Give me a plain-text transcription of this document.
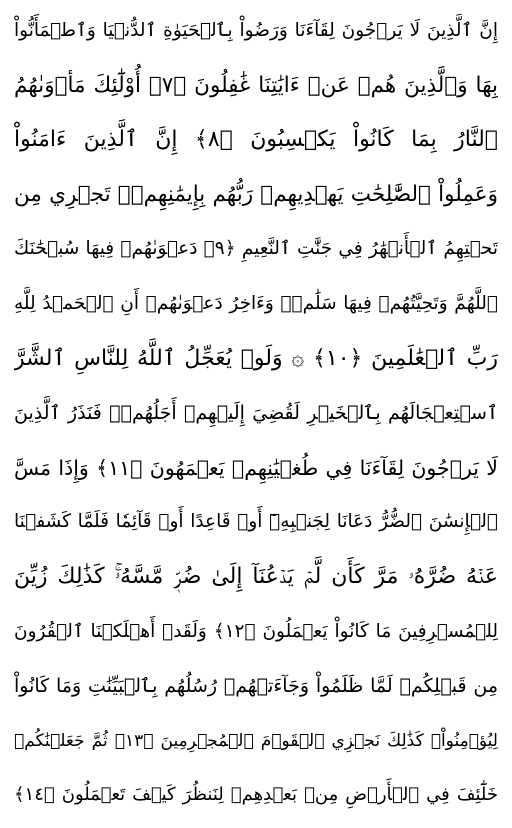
إِنَّ ٱلَّذِينَ لَا يَرۡجُونَ لِقَآءَنَا وَرَضُواْ بِٱلۡحَيَوٰةِ ٱلدُّنۡيَا وَٱطۡمَأَنُّواْ
بِهَا وَٱلَّذِينَ هُمۡ عَنۡ ءَايَٰتِنَا غَٰفِلُونَ ﴿٧﴾ أُوْلَٰٓئِكَ مَأۡوَىٰهُمُ
ٱلنَّارُ بِمَا كَانُواْ يَكۡسِبُونَ ﴿٨﴾ إِنَّ ٱلَّذِينَ ءَامَنُواْ
وَعَمِلُواْ ٱلصَّٰلِحَٰتِ يَهۡدِيهِمۡ رَبُّهُم بِإِيمَٰنِهِمۡۖ تَجۡرِي مِن
تَحۡتِهِمُ ٱلۡأَنۡهَٰرُ فِي جَنَّٰتِ ٱلنَّعِيمِ ﴿٩﴾ دَعۡوَىٰهُمۡ فِيهَا سُبۡحَٰنَكَ
ٱللَّهُمَّ وَتَحِيَّتُهُمۡ فِيهَا سَلَٰمٞۚ وَءَاخِرُ دَعۡوَىٰهُمۡ أَنِ ٱلۡحَمۡدُ لِلَّهِ
رَبِّ ٱلۡعَٰلَمِينَ ﴿١٠﴾ ۞ وَلَوۡ يُعَجِّلُ ٱللَّهُ لِلنَّاسِ ٱلشَّرَّ
ٱسۡتِعۡجَالَهُم بِٱلۡخَيۡرِ لَقُضِيَ إِلَيۡهِمۡ أَجَلُهُمۡۖ فَنَذَرُ ٱلَّذِينَ
لَا يَرۡجُونَ لِقَآءَنَا فِي طُغۡيَٰنِهِمۡ يَعۡمَهُونَ ﴿١١﴾ وَإِذَا مَسَّ
ٱلۡإِنسَٰنَ ٱلضُّرُّ دَعَانَا لِجَنۢبِهِۦٓ أَوۡ قَاعِدًا أَوۡ قَآئِمٗا فَلَمَّا كَشَفۡنَا
عَنۡهُ ضُرَّهُۥ مَرَّ كَأَن لَّمۡ يَدۡعُنَآ إِلَىٰ ضُرّٖ مَّسَّهُۥۚ كَذَٰلِكَ زُيِّنَ
لِلۡمُسۡرِفِينَ مَا كَانُواْ يَعۡمَلُونَ ﴿١٢﴾ وَلَقَدۡ أَهۡلَكۡنَا ٱلۡقُرُونَ
مِن قَبۡلِكُمۡ لَمَّا ظَلَمُواْ وَجَآءَتۡهُمۡ رُسُلُهُم بِٱلۡبَيِّنَٰتِ وَمَا كَانُواْ
لِيُؤۡمِنُواْۚ كَذَٰلِكَ نَجۡزِي ٱلۡقَوۡمَ ٱلۡمُجۡرِمِينَ ﴿١٣﴾ ثُمَّ جَعَلۡنَٰكُمۡ
خَلَٰٓئِفَ فِي ٱلۡأَرۡضِ مِنۢ بَعۡدِهِمۡ لِنَنظُرَ كَيۡفَ تَعۡمَلُونَ ﴿١٤﴾
